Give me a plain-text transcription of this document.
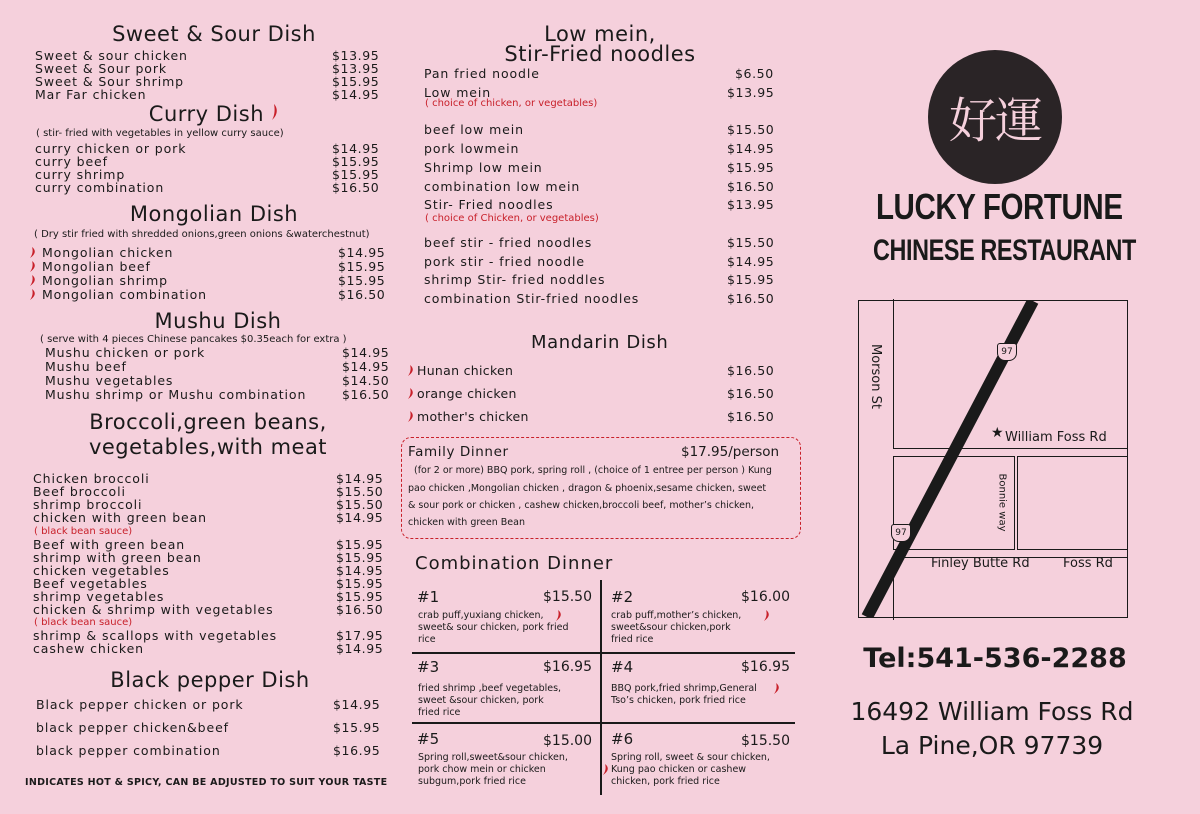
Sweet & Sour Dish
Sweet & sour chicken	$13.95
Sweet & Sour pork	$13.95
Sweet & Sour shrimp	$15.95
Mar Far chicken	$14.95
Curry Dish
( stir- fried with vegetables in yellow curry sauce)
curry chicken or pork	$14.95
curry beef	$15.95
curry shrimp	$15.95
curry combination	$16.50
Mongolian Dish
( Dry stir fried with shredded onions,green onions &waterchestnut)
Mongolian chicken	$14.95
Mongolian beef	$15.95
Mongolian shrimp	$15.95
Mongolian combination	$16.50
Mushu Dish
( serve with 4 pieces Chinese pancakes $0.35each for extra )
Mushu chicken or pork	$14.95
Mushu beef	$14.95
Mushu vegetables	$14.50
Mushu shrimp or Mushu combination	$16.50
Broccoli,green beans,
vegetables,with meat
Chicken broccoli	$14.95
Beef broccoli	$15.50
shrimp broccoli	$15.50
chicken with green bean	$14.95
( black bean sauce)
Beef with green bean	$15.95
shrimp with green bean	$15.95
chicken vegetables	$14.95
Beef vegetables	$15.95
shrimp vegetables	$15.95
chicken & shrimp with vegetables	$16.50
( black bean sauce)
shrimp & scallops with vegetables	$17.95
cashew chicken	$14.95
Black pepper Dish
Black pepper chicken or pork	$14.95
black pepper chicken&beef	$15.95
black pepper combination	$16.95
INDICATES HOT & SPICY, CAN BE ADJUSTED TO SUIT YOUR TASTE
Low mein,
Stir-Fried noodles
Pan fried noodle	$6.50
Low mein	$13.95
( choice of chicken, or vegetables)
beef low mein	$15.50
pork lowmein	$14.95
Shrimp low mein	$15.95
combination low mein	$16.50
Stir- Fried noodles	$13.95
( choice of Chicken, or vegetables)
beef stir - fried noodles	$15.50
pork stir - fried noodle	$14.95
shrimp Stir- fried noddles	$15.95
combination Stir-fried noodles	$16.50
Mandarin Dish
Hunan chicken	$16.50
orange chicken	$16.50
mother's chicken	$16.50
Family Dinner	$17.95/person
(for 2 or more) BBQ pork, spring roll , (choice of 1 entree per person ) Kung
pao chicken ,Mongolian chicken , dragon & phoenix,sesame chicken, sweet
& sour pork or chicken , cashew chicken,broccoli beef, mother’s chicken,
chicken with green Bean
Combination Dinner
#1	$15.50
crab puff,yuxiang chicken,
sweet& sour chicken, pork fried
rice
#2	$16.00
crab puff,mother’s chicken,
sweet&sour chicken,pork
fried rice
#3	$16.95
fried shrimp ,beef vegetables,
sweet &sour chicken, pork
fried rice
#4	$16.95
BBQ pork,fried shrimp,General
Tso’s chicken, pork fried rice
#5	$15.00
Spring roll,sweet&sour chicken,
pork chow mein or chicken
subgum,pork fried rice
#6	$15.50
Spring roll, sweet & sour chicken,
Kung pao chicken or cashew
chicken, pork fried rice
好運
LUCKY FORTUNE
CHINESE RESTAURANT
97
97
Morson St
★ William Foss Rd
Bonnie way
Finley Butte Rd	Foss Rd
Tel:541-536-2288
16492 William Foss Rd
La Pine,OR 97739
